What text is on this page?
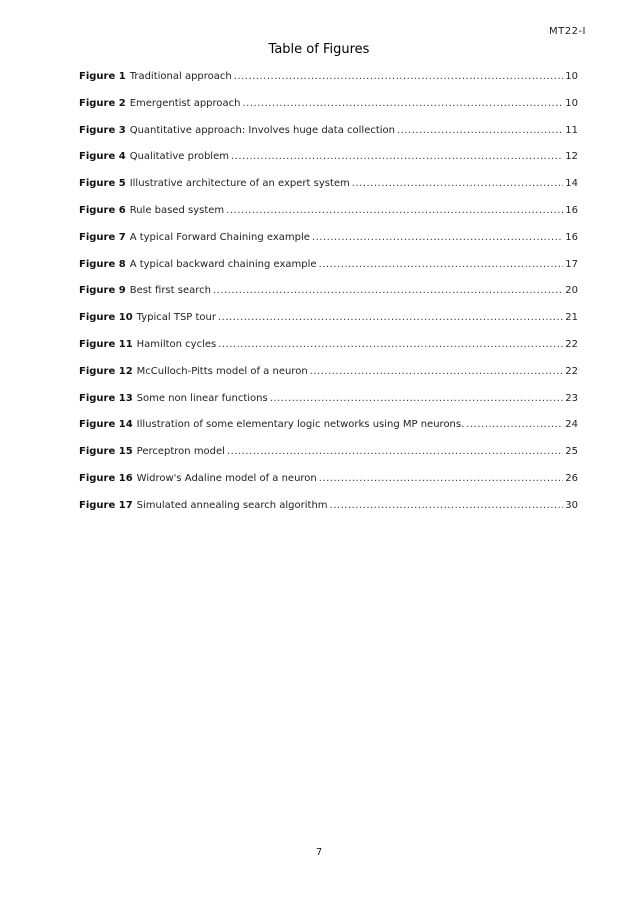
MT22-I
Table of Figures
Figure 1 Traditional approach .....	10
Figure 2 Emergentist approach .....	10
Figure 3 Quantitative approach: Involves huge data collection .....	11
Figure 4 Qualitative problem .....	12
Figure 5 Illustrative architecture of an expert system .....	14
Figure 6 Rule based system .....	16
Figure 7 A typical Forward Chaining example .....	16
Figure 8 A typical backward chaining example .....	17
Figure 9 Best first search .....	20
Figure 10 Typical TSP tour .....	21
Figure 11 Hamilton cycles .....	22
Figure 12 McCulloch-Pitts model of a neuron .....	22
Figure 13 Some non linear functions .....	23
Figure 14 Illustration of some elementary logic networks using MP neurons. .....	24
Figure 15 Perceptron model .....	25
Figure 16 Widrow's Adaline model of a neuron .....	26
Figure 17 Simulated annealing search algorithm .....	30
7
